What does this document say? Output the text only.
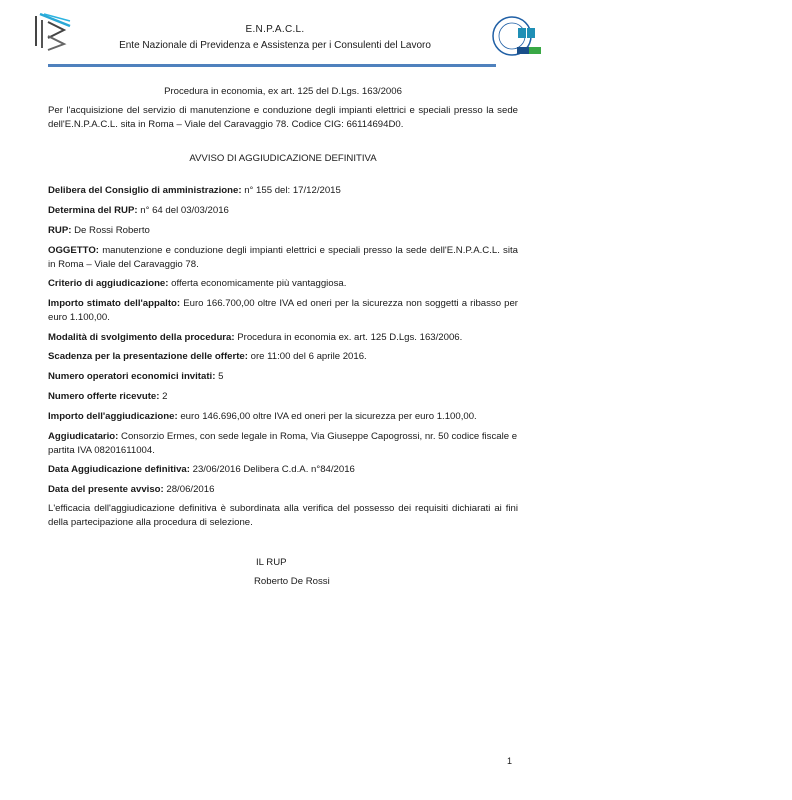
E.N.P.A.C.L.
Ente Nazionale di Previdenza e Assistenza per i Consulenti del Lavoro
Procedura in economia, ex art. 125 del D.Lgs. 163/2006
Per l'acquisizione del servizio di manutenzione e conduzione degli impianti elettrici e speciali presso la sede dell'E.N.P.A.C.L. sita in Roma – Viale del Caravaggio 78. Codice CIG: 66114694D0.
AVVISO DI AGGIUDICAZIONE DEFINITIVA
Delibera del Consiglio di amministrazione: n° 155 del: 17/12/2015
Determina del RUP: n° 64 del 03/03/2016
RUP: De Rossi Roberto
OGGETTO: manutenzione e conduzione degli impianti elettrici e speciali presso la sede dell'E.N.P.A.C.L. sita in Roma – Viale del Caravaggio 78.
Criterio di aggiudicazione: offerta economicamente più vantaggiosa.
Importo stimato dell'appalto: Euro 166.700,00 oltre IVA ed oneri per la sicurezza non soggetti a ribasso per euro 1.100,00.
Modalità di svolgimento della procedura: Procedura in economia ex. art. 125 D.Lgs. 163/2006.
Scadenza per la presentazione delle offerte: ore 11:00 del 6 aprile 2016.
Numero operatori economici invitati: 5
Numero offerte ricevute: 2
Importo dell'aggiudicazione: euro 146.696,00 oltre IVA ed oneri per la sicurezza per euro 1.100,00.
Aggiudicatario: Consorzio Ermes, con sede legale in Roma, Via Giuseppe Capogrossi, nr. 50 codice fiscale e partita IVA 08201611004.
Data Aggiudicazione definitiva: 23/06/2016 Delibera C.d.A. n°84/2016
Data del presente avviso: 28/06/2016
L'efficacia dell'aggiudicazione definitiva è subordinata alla verifica del possesso dei requisiti dichiarati ai fini della partecipazione alla procedura di selezione.
IL RUP
Roberto De Rossi
1
